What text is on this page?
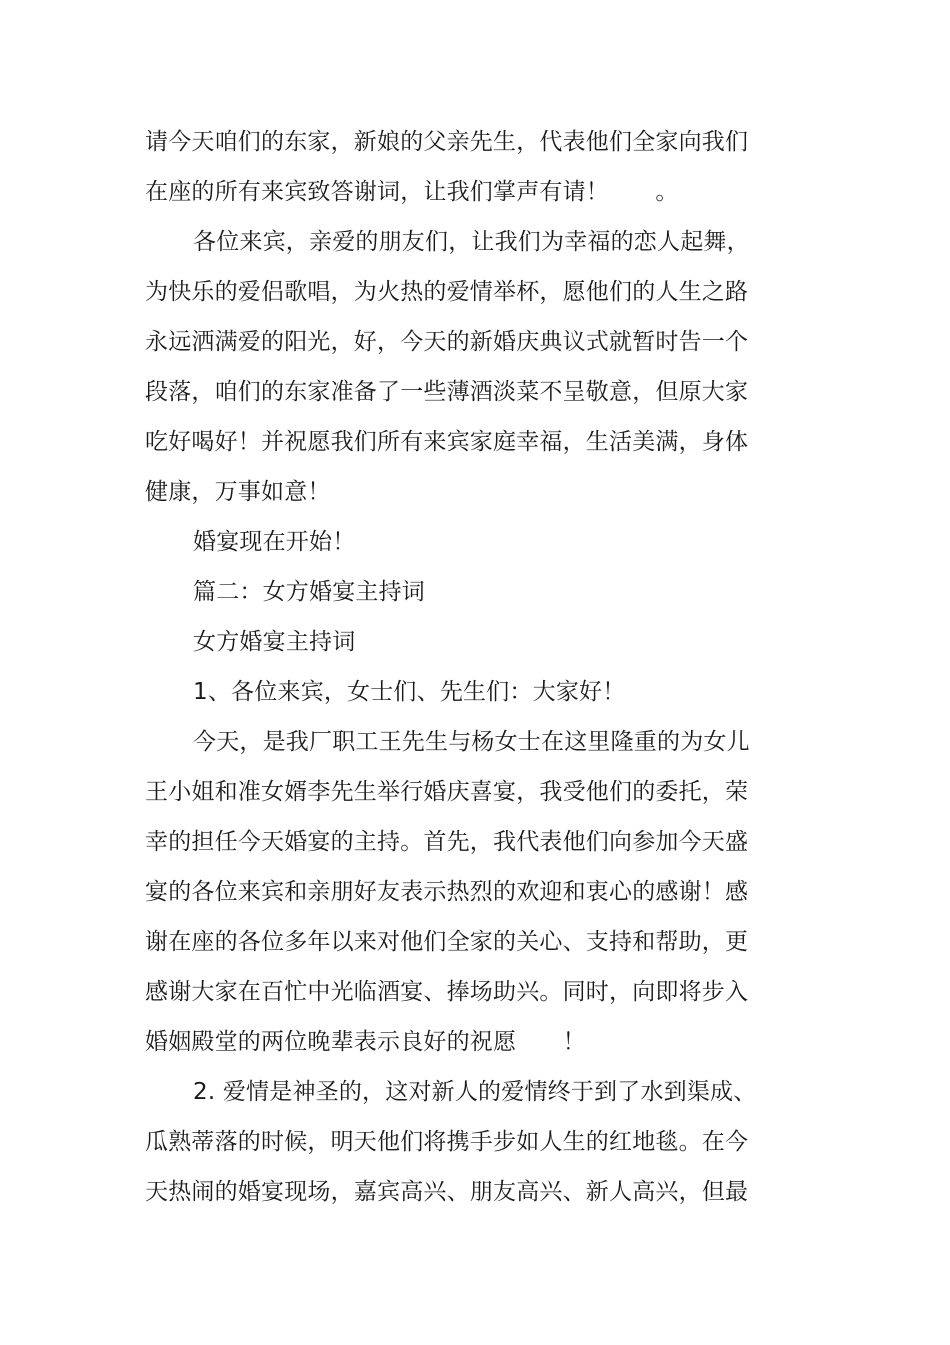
请今天咱们的东家，新娘的父亲先生，代表他们全家向我们
在座的所有来宾致答谢词，让我们掌声有请！　　。
各位来宾，亲爱的朋友们，让我们为幸福的恋人起舞，
为快乐的爱侣歌唱，为火热的爱情举杯，愿他们的人生之路
永远洒满爱的阳光，好，今天的新婚庆典议式就暂时告一个
段落，咱们的东家准备了一些薄酒淡菜不呈敬意，但原大家
吃好喝好！并祝愿我们所有来宾家庭幸福，生活美满，身体
健康，万事如意！
婚宴现在开始！
篇二：女方婚宴主持词
女方婚宴主持词
1、各位来宾，女士们、先生们：大家好！
今天，是我厂职工王先生与杨女士在这里隆重的为女儿
王小姐和准女婿李先生举行婚庆喜宴，我受他们的委托，荣
幸的担任今天婚宴的主持。首先，我代表他们向参加今天盛
宴的各位来宾和亲朋好友表示热烈的欢迎和衷心的感谢！感
谢在座的各位多年以来对他们全家的关心、支持和帮助，更
感谢大家在百忙中光临酒宴、捧场助兴。同时，向即将步入
婚姻殿堂的两位晚辈表示良好的祝愿　　！
2. 爱情是神圣的，这对新人的爱情终于到了水到渠成、
瓜熟蒂落的时候，明天他们将携手步如人生的红地毯。在今
天热闹的婚宴现场，嘉宾高兴、朋友高兴、新人高兴，但最
